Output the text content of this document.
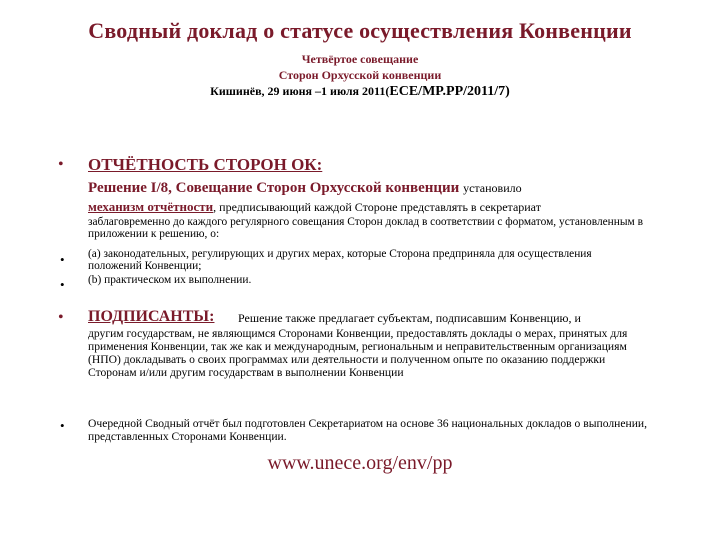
Сводный доклад о статусе осуществления Конвенции
Четвёртое совещание
Сторон Орхусской конвенции
Кишинёв, 29 июня –1 июля 2011(ECE/MP.PP/2011/7)
• ОТЧЁТНОСТЬ СТОРОН ОК:
Решение I/8, Совещание Сторон Орхусской конвенции установило
механизм отчётности, предписывающий каждой Стороне представлять в секретариат
заблаговременно до каждого регулярного совещания Сторон доклад в соответствии с форматом, установленным в приложении к решению, о:
• (a) законодательных, регулирующих и других мерах, которые Сторона предприняла для осуществления положений Конвенции;
• (b) практическом их выполнении.
• ПОДПИСАНТЫ: Решение также предлагает субъектам, подписавшим Конвенцию, и
другим государствам, не являющимся Сторонами Конвенции, предоставлять доклады о мерах, принятых для применения Конвенции, так же как и международным, региональным и неправительственным организациям (НПО) докладывать о своих программах или деятельности и полученном опыте по оказанию поддержки Сторонам и/или другим государствам в выполнении Конвенции
• Очередной Сводный отчёт был подготовлен Секретариатом на основе 36 национальных докладов о выполнении, представленных Сторонами Конвенции.
www.unece.org/env/pp
